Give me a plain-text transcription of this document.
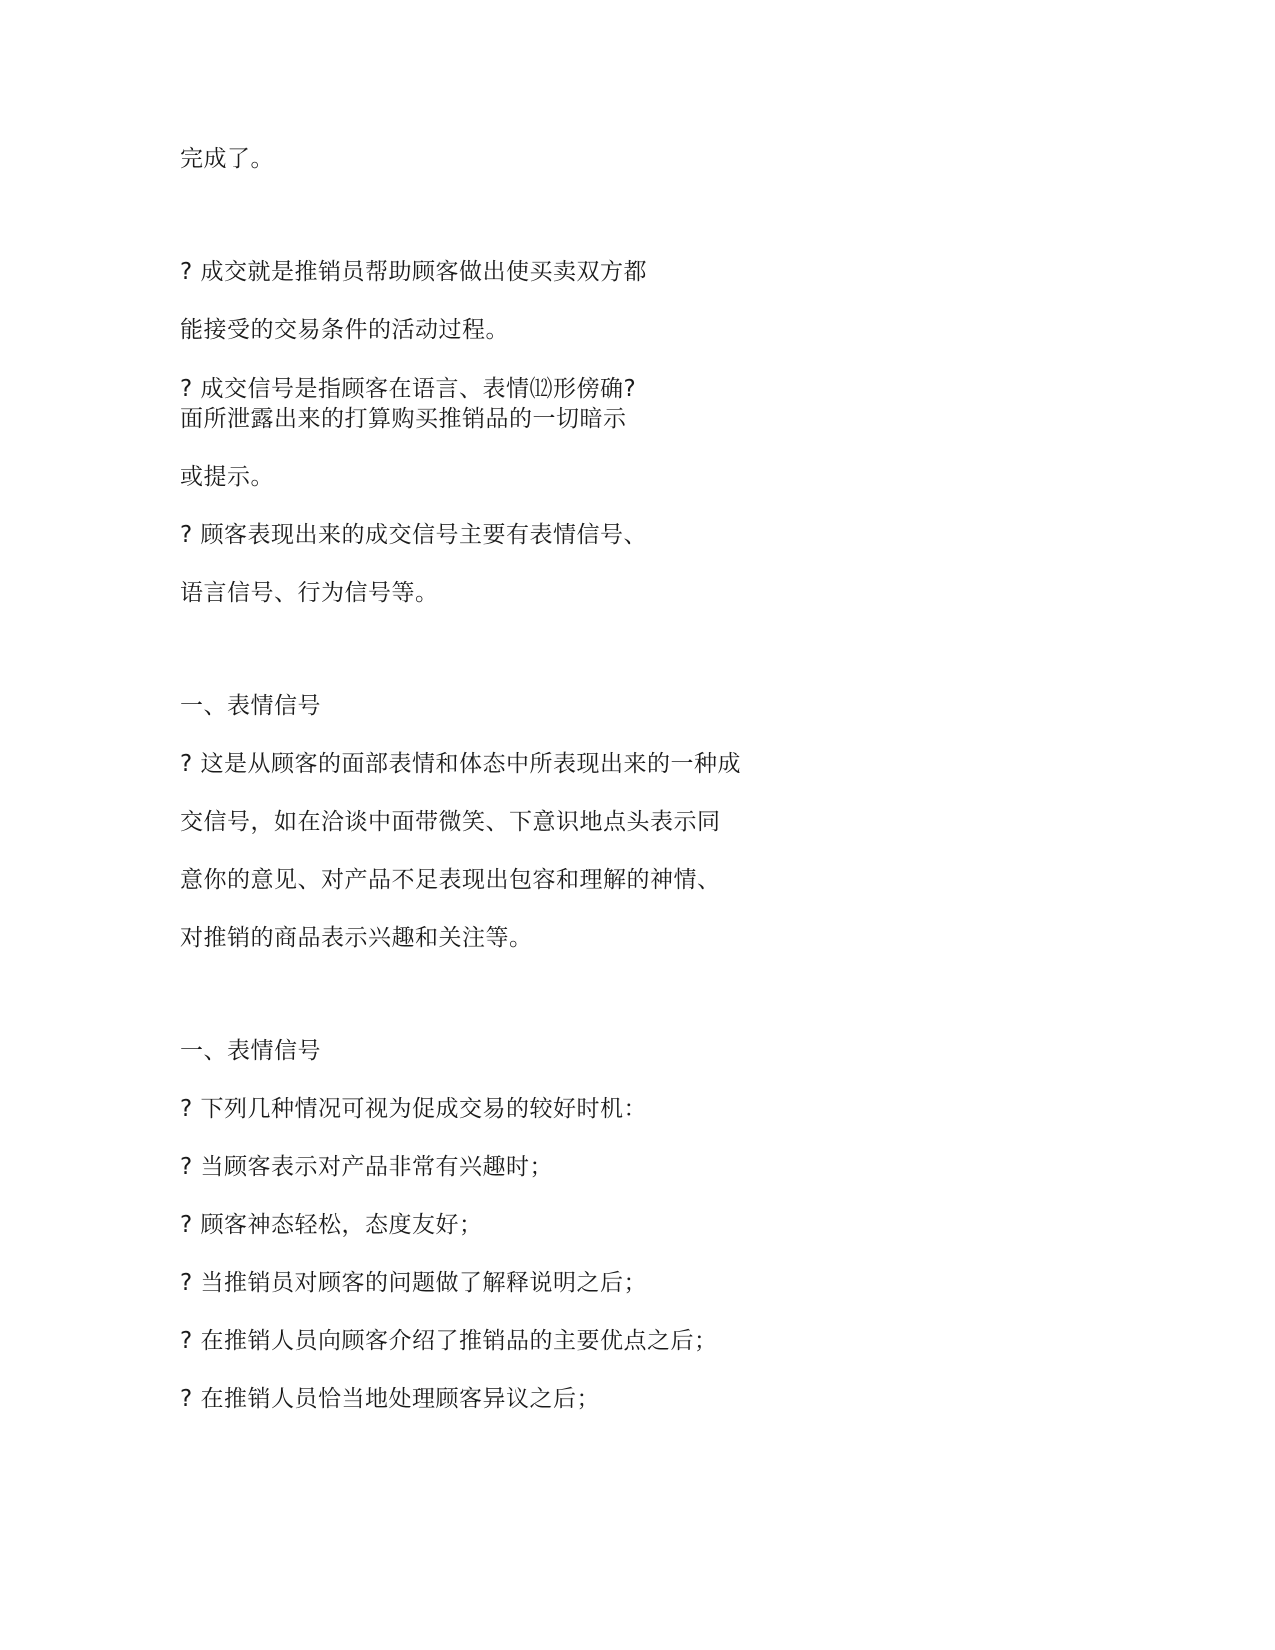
完成了。
? 成交就是推销员帮助顾客做出使买卖双方都
能接受的交易条件的活动过程。
? 成交信号是指顾客在语言、表情⑿形傍确?
面所泄露出来的打算购买推销品的一切暗示
或提示。
? 顾客表现出来的成交信号主要有表情信号、
语言信号、行为信号等。
一、表情信号
? 这是从顾客的面部表情和体态中所表现出来的一种成
交信号，如在洽谈中面带微笑、下意识地点头表示同
意你的意见、对产品不足表现出包容和理解的神情、
对推销的商品表示兴趣和关注等。
一、表情信号
? 下列几种情况可视为促成交易的较好时机：
? 当顾客表示对产品非常有兴趣时；
? 顾客神态轻松，态度友好；
? 当推销员对顾客的问题做了解释说明之后；
? 在推销人员向顾客介绍了推销品的主要优点之后；
? 在推销人员恰当地处理顾客异议之后；
